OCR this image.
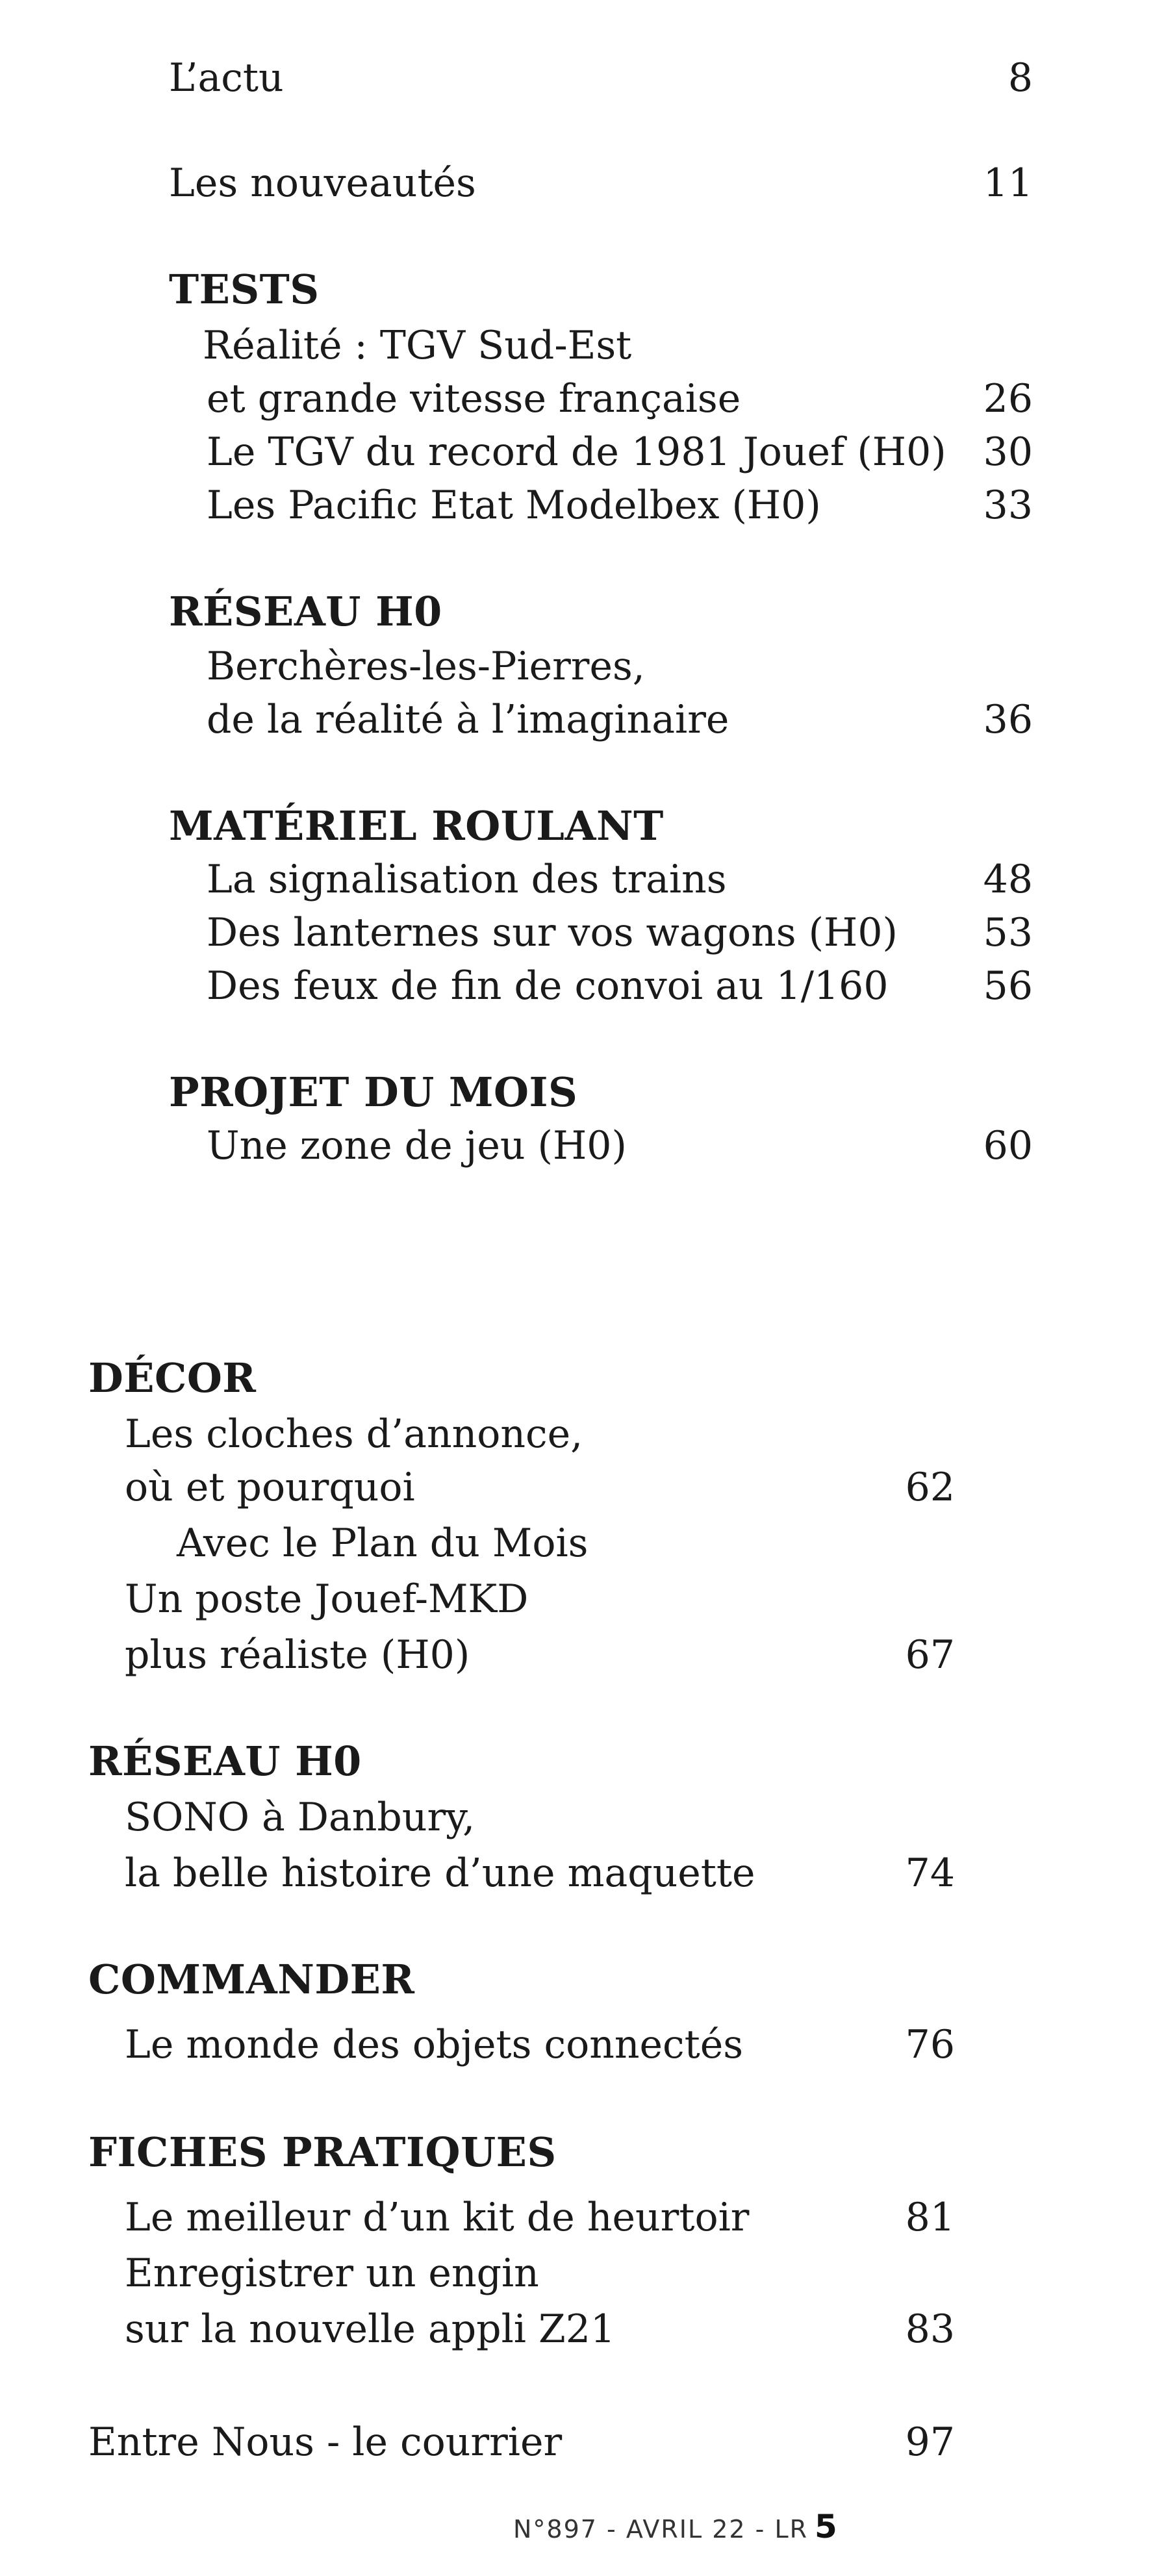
L’actu	8
Les nouveautés	11
TESTS
Réalité : TGV Sud-Est
et grande vitesse française	26
Le TGV du record de 1981 Jouef (H0) 30
Les Pacific Etat Modelbex (H0)	33
RÉSEAU H0
Berchères-les-Pierres,
de la réalité à l’imaginaire	36
MATÉRIEL ROULANT
La signalisation des trains	48
Des lanternes sur vos wagons (H0) 53
Des feux de fin de convoi au 1/160 56
PROJET DU MOIS
Une zone de jeu (H0)	60
DÉCOR
Les cloches d’annonce,
où et pourquoi	62
Avec le Plan du Mois
Un poste Jouef-MKD
plus réaliste (H0)	67
RÉSEAU H0
SONO à Danbury,
la belle histoire d’une maquette	74
COMMANDER
Le monde des objets connectés	76
FICHES PRATIQUES
Le meilleur d’un kit de heurtoir	81
Enregistrer un engin
sur la nouvelle appli Z21	83
Entre Nous - le courrier	97
N°897 - AVRIL 22 - LR 5
